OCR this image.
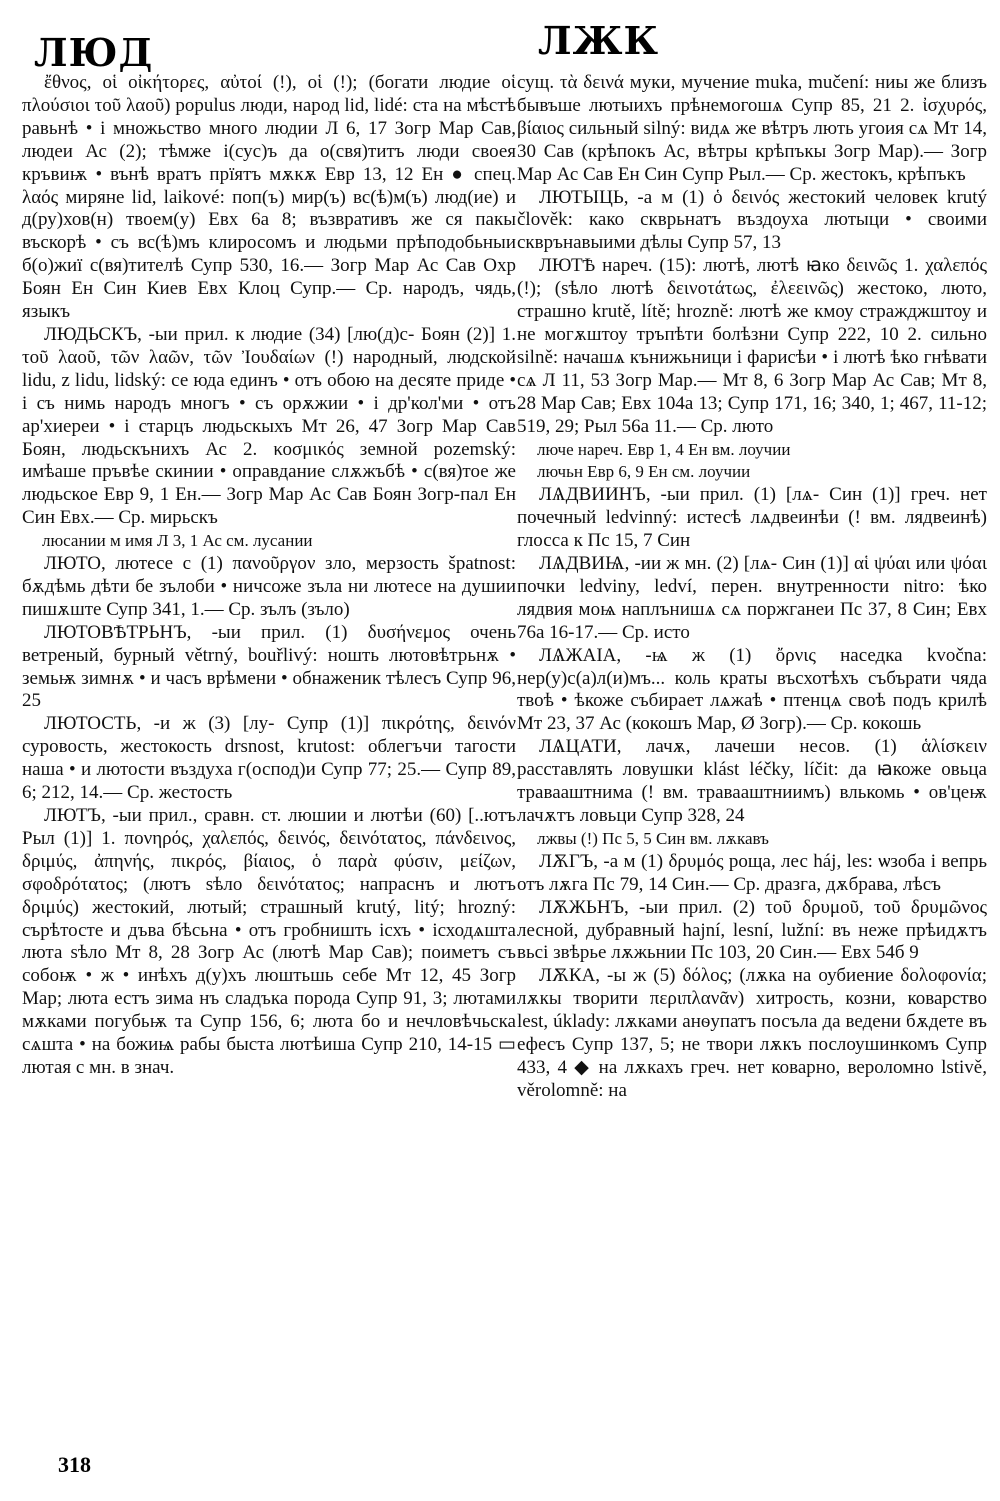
ЛЮД	ЛЖК

ἔθνος, οἱ οἰκήτορες, αὐτοί (!), οἱ (!); (богати людие οἱ πλούσιοι τοῦ λαοῦ) populus люди, народ lid, lidé: ста на мѣстѣ равьнѣ • і множьство много людии Л 6, 17 Зогр Мар Сав, людеи Ас (2); тѣмже і(сус)ъ да о(свя)титъ люди своея кръвиѭ • вънѣ вратъ прїятъ мѫкѫ Евр 13, 12 Ен ● спец. λαός миряне lid, laikové: поп(ъ) мир(ъ) вс(ѣ)м(ъ) люд(ие) и д(ру)хов(н) твоем(у) Евх 6а 8; възвративъ же ся пакы въскорѣ • съ вс(ѣ)мъ клиросомъ и людьми прѣподобьныи б(о)жиї с(вя)тителѣ Супр 530, 16.— Зогр Мар Ас Сав Охр Боян Ен Син Киев Евх Клоц Супр.— Ср. народъ, чядь, языкъ

ЛЮДЬСКЪ, -ыи прил. к людие (34) [лю(д)с- Боян (2)] 1. τοῦ λαοῦ, τῶν λαῶν, τῶν Ἰουδαίων (!) народный, людской lidu, z lidu, lidský: се юда единъ • отъ обою на десяте приде • і съ нимь народъ многъ • съ орѫжии • і др'кол'ми • отъ ар'хиереи • і старцъ людьскыхъ Мт 26, 47 Зогр Мар Сав Боян, людьскънихъ Ас 2. κοσμικός земной pozemský: имѣаше пръвѣе скинии • оправдание слѫжъбѣ • с(вя)тое же людьское Евр 9, 1 Ен.— Зогр Мар Ас Сав Боян Зогр-пал Ен Син Евх.— Ср. мирьскъ

люсании м имя Л 3, 1 Ас см. лусании

ЛЮТО, лютесе с (1) πανοῦργον зло, мерзость špatnost: бѫдѣмь дѣти бе зълоби • ничсоже зъла ни лютесе на душии пишѫште Супр 341, 1.— Ср. зълъ (зъло)

ЛЮТОВѢТРЬНЪ, -ыи прил. (1) δυσήνεμος очень ветреный, бурный větrný, bouřlivý: ношть лютовѣтрьнѫ • земьѭ зимнѫ • и часъ врѣмени • обнаженик тѣлесъ Супр 96, 25

ЛЮТОСТЬ, -и ж (3) [лу- Супр (1)] πικρότης, δεινόν суровость, жестокость drsnost, krutost: облегъчи тагости наша • и лютости въздуха г(оспод)и Супр 77; 25.— Супр 89, 6; 212, 14.— Ср. жестость

ЛЮТЪ, -ыи прил., сравн. ст. люшии и лютѣи (60) [..ютъ Рыл (1)] 1. πονηρός, χαλεπός, δεινός, δεινότατος, πάνδεινος, δριμύς, ἀπηνής, πικρός, βίαιος, ὁ παρὰ φύσιν, μείζων, σφοδρότατος; (лютъ ѕѣло δεινότατος; напраснъ и лютъ δριμύς) жестокий, лютый; страшный krutý, litý; hrozný: сърѣтосте и дъва бѣсьна • отъ гробништь ісхъ • ісходѧшта люта ѕѣло Мт 8, 28 Зогр Ас (лютѣ Мар Сав); поиметъ съ собоѭ • ж • инѣхъ д(у)хъ люштьшь себе Мт 12, 45 Зогр Мар; люта естъ зима нъ сладъка порода Супр 91, 3; лютами мѫками погубьѭ та Супр 156, 6; люта бо и нечловѣчьска сѧшта • на божиѩ рабы быста лютѣиша Супр 210, 14-15 ▭ лютая с мн. в знач.

сущ. τὰ δεινά муки, мучение muka, mučení: ниы же близъ бывъше лютыихъ прѣнемогошѧ Супр 85, 21 2. ἰσχυρός, βίαιος сильный silný: видѧ же вѣтръ лють угоия сѧ Мт 14, 30 Сав (крѣпокъ Ас, вѣтры крѣпъкы Зогр Мар).— Зогр Мар Ас Сав Ен Син Супр Рыл.— Ср. жестокъ, крѣпъкъ

ЛЮТЫЦЬ, -а м (1) ὁ δεινός жестокий человек krutý člověk: како скврьнатъ въздоуха лютыци • своими скврънавыими дѣлы Супр 57, 13

ЛЮТѢ нареч. (15): лютѣ, лютѣ ꙗко δεινῶς 1. χαλεπός (!); (ѕѣло лютѣ δεινοτάτως, ἐλεεινῶς) жестоко, люто, страшно krutě, lítě; hrozně: лютѣ же кмоу стражджштоу и не могѫштоу тръпѣти болѣзни Супр 222, 10 2. сильно silně: начашѧ кънижьници і фарисѣи • і лютѣ ѣко гнѣвати сѧ Л 11, 53 Зогр Мар.— Мт 8, 6 Зогр Мар Ас Сав; Мт 8, 28 Мар Сав; Евх 104а 13; Супр 171, 16; 340, 1; 467, 11-12; 519, 29; Рыл 56а 11.— Ср. люто

лючe нареч. Евр 1, 4 Ен вм. лоучии

лючьн Евр 6, 9 Ен см. лоучии

ЛѦДВИИНЪ, -ыи прил. (1) [лѧ- Син (1)] греч. нет почечный ledvinný: истесѣ лѧдвеинѣи (! вм. лядвеинѣ) глосса к Пс 15, 7 Син

ЛѦДВИѨ, -ии ж мн. (2) [лѧ- Син (1)] αἱ ψύαι или ψόαι почки ledviny, ledví, перен. внутренности nitro: ѣко лядвия моѩ наплънишѧ сѧ поржганеи Пс 37, 8 Син; Евх 76а 16-17.— Ср. исто

ЛѦЖАІА, -ѩ ж (1) ὄρνις наседка kvočna: нер(у)с(а)л(и)мъ... коль краты въсхотѣхъ събърати чяда твоѣ • ѣкоже събирает лѧжаѣ • птенцѧ своѣ подъ крилѣ Мт 23, 37 Ас (кокошъ Мар, Ø Зогр).— Ср. кокошь

ЛѦЦАТИ, лачѫ, лачеши несов. (1) ἁλίσκειν расставлять ловушки klást léčky, líčit: да ꙗкоже овьца травааштнима (! вм. травааштниимъ) влькомь • ов'цеѭ лачѫтъ ловьци Супр 328, 24

лжвы (!) Пс 5, 5 Син вм. лѫкавъ

ЛѪГЪ, -а м (1) δρυμός роща, лес háj, les: ѡзоба і вепрь отъ лѫга Пс 79, 14 Син.— Ср. дразга, дѫбрава, лѣсъ

ЛѪЖЬНЪ, -ыи прил. (2) τοῦ δρυμοῦ, τοῦ δρυμῶνος лесной, дубравный hajní, lesní, lužní: въ неже прѣидѫтъ вьсі звѣрье лѫжьнии Пс 103, 20 Син.— Евх 54б 9

ЛѪКА, -ы ж (5) δόλος; (лѫка на оубиение δολοφονία; лѫкы творити περιπλανᾶν) хитрость, козни, коварство lest, úklady: лѫками анѳупатъ посъла да ведени бѫдете въ ефесъ Супр 137, 5; не твори лѫкъ послоушинкомъ Супр 433, 4 ◆ на лѫкахъ греч. нет коварно, вероломно lstivě, věrolomně: на

318
